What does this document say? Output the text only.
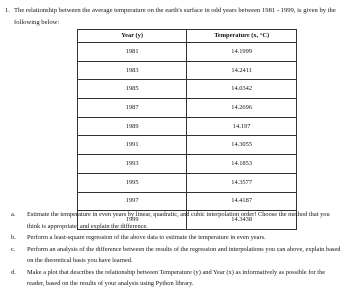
1. The relationship between the average temperature on the earth's surface in odd years between 1981 - 1999, is given by the following below:
Year (y)	Temperature (x, °C)
1981	14.1999
1983	14.2411
1985	14.0342
1987	14.2696
1989	14.197
1991	14.3055
1993	14.1853
1995	14.3577
1997	14.4187
1999	14.3438
a.	Estimate the temperature in even years by linear, quadratic, and cubic interpolation order! Choose the method that you think is appropriate, and explain the difference.
b.	Perform a least-square regression of the above data to estimate the temperature in even years.
c.	Perform an analysis of the difference between the results of the regression and interpolations you can above, explain based on the theoretical basis you have learned.
d.	Make a plot that describes the relationship between Temperature (y) and Year (x) as informatively as possible for the reader, based on the results of your analysis using Python library.
